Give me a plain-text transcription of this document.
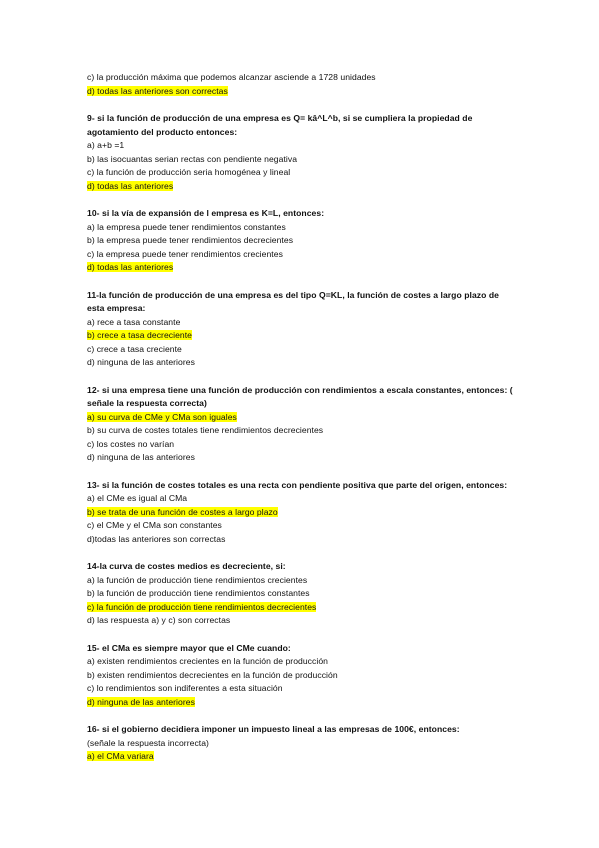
c) la producción máxima que podemos alcanzar asciende a 1728 unidades
d) todas las anteriores son correctas
9- si la función de producción de una empresa es Q= kâ^L^b, si se cumpliera la propiedad de agotamiento del producto entonces:
a) a+b =1
b) las isocuantas serian rectas con pendiente negativa
c) la función de producción seria homogénea y lineal
d) todas las anteriores
10- si la vía de expansión de l empresa es K=L, entonces:
a) la empresa puede tener rendimientos constantes
b) la empresa puede tener rendimientos decrecientes
c) la empresa puede tener rendimientos crecientes
d) todas las anteriores
11-la función de producción de una empresa es del tipo Q=KL, la función de costes a largo plazo de esta empresa:
a) rece a tasa constante
b) crece a tasa decreciente
c) crece a tasa creciente
d) ninguna de las anteriores
12- si una empresa tiene una función de producción con rendimientos a escala constantes, entonces: ( señale la respuesta correcta)
a) su curva de CMe y CMa son iguales
b) su curva de costes totales tiene rendimientos decrecientes
c) los costes no varían
d) ninguna de las anteriores
13- si la función de costes totales es una recta con pendiente positiva que parte del origen, entonces:
a) el CMe es igual al CMa
b) se trata de una función de costes a largo plazo
c) el CMe y el CMa son constantes
d)todas las anteriores son correctas
14-la curva de costes medios es decreciente, si:
a) la función de producción tiene rendimientos crecientes
b) la función de producción tiene rendimientos constantes
c) la función de producción tiene rendimientos decrecientes
d) las respuesta a) y c) son correctas
15- el CMa es siempre mayor que el CMe cuando:
a) existen rendimientos crecientes en la función de producción
b) existen rendimientos decrecientes en la función de producción
c) lo rendimientos son indiferentes a esta situación
d) ninguna de las anteriores
16- si el gobierno decidiera imponer un impuesto lineal a las empresas de 100€, entonces:
(señale la respuesta incorrecta)
a) el CMa variara
